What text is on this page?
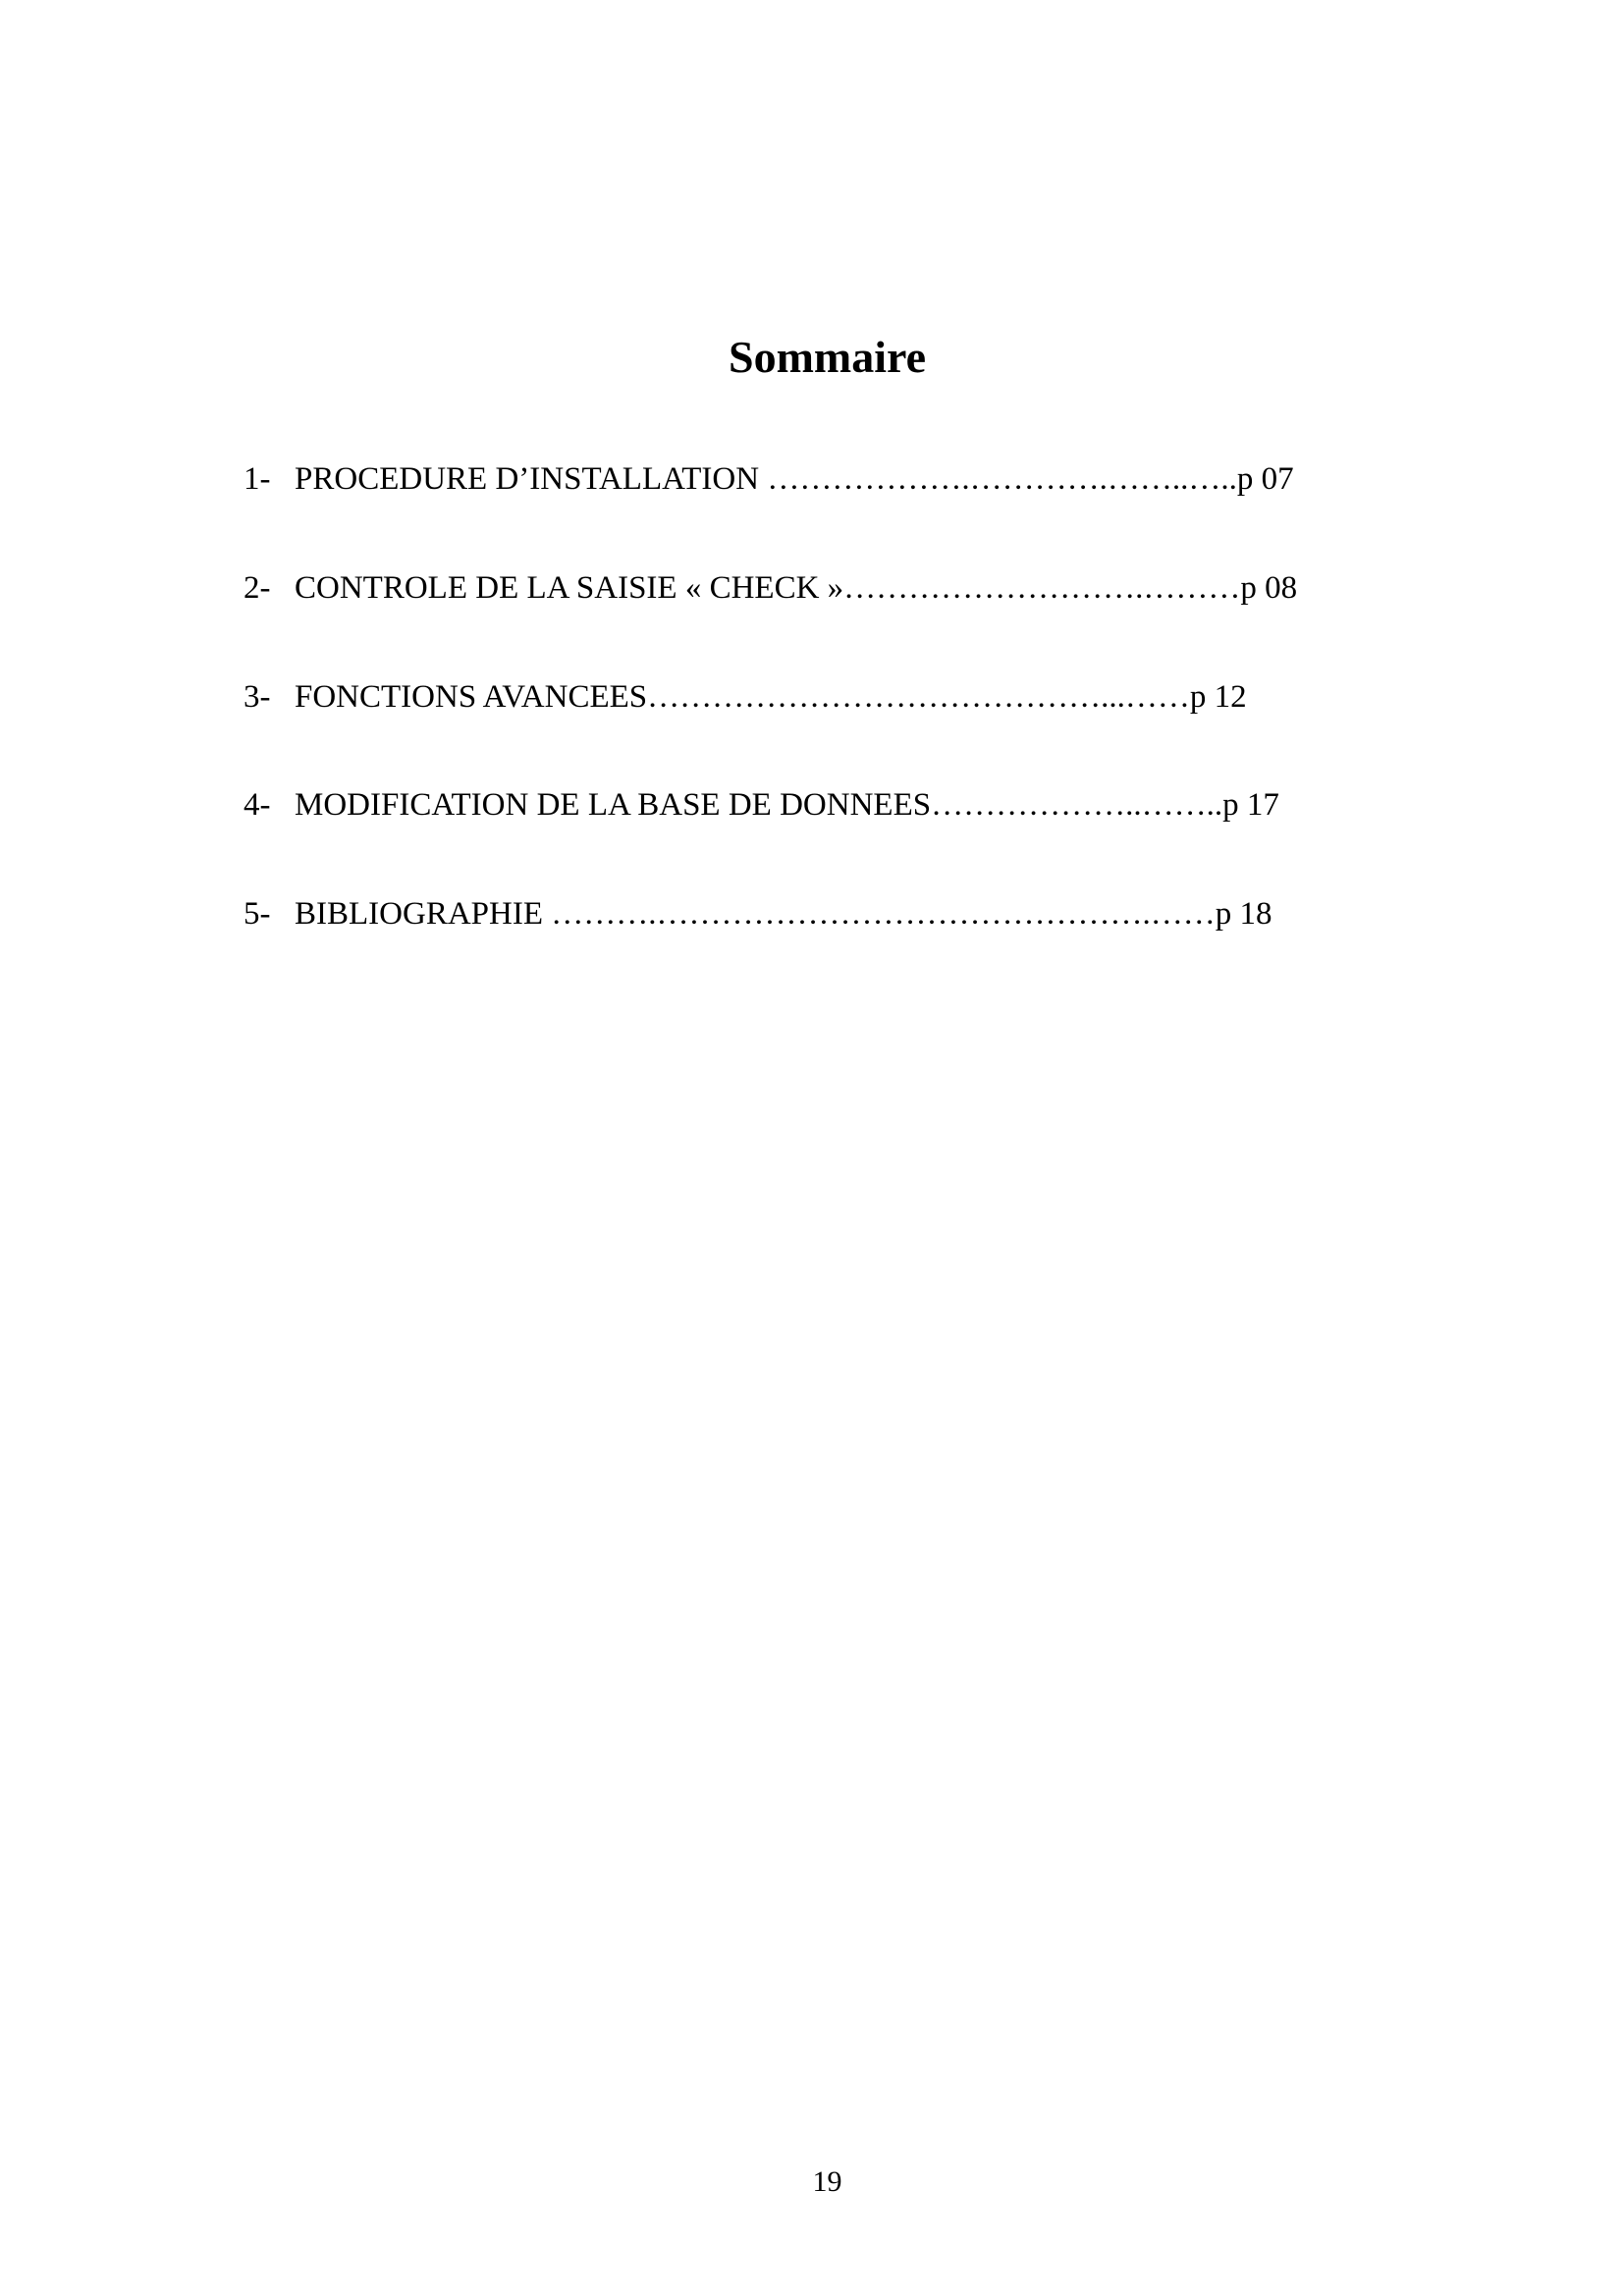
Sommaire
1- PROCEDURE D’INSTALLATION ……………….………….……..…..p 07
2- CONTROLE DE LA SAISIE « CHECK »……………………….………p 08
3- FONCTIONS AVANCEES……………………………………...……p 12
4- MODIFICATION DE LA BASE DE DONNEES………………..……..p 17
5- BIBLIOGRAPHIE ……….……………………………………….……p 18
19
